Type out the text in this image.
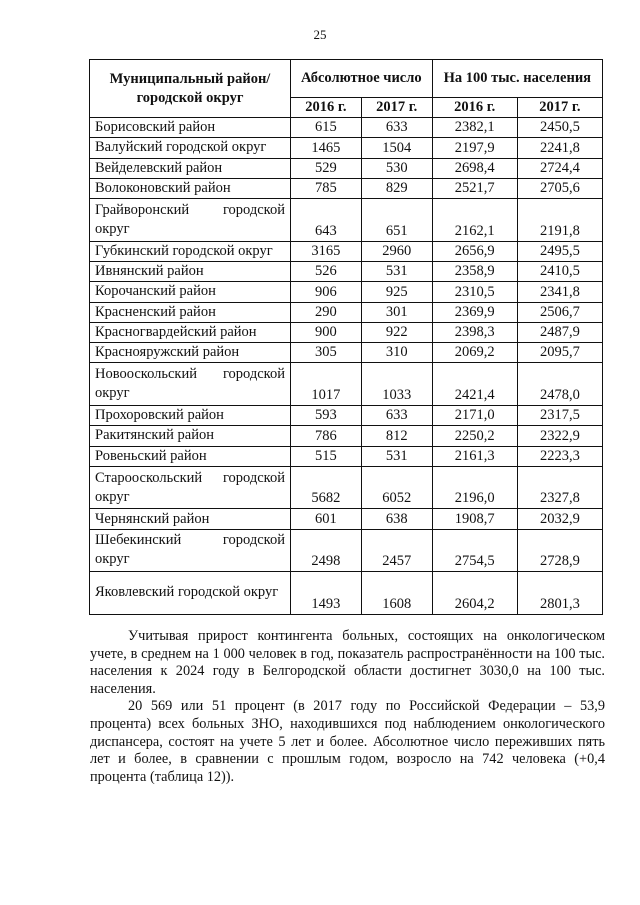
25
Муниципальный район/ городской округ	Абсолютное число		На 100 тыс. населения	
	2016 г.	2017 г.	2016 г.	2017 г.
Борисовский район	615	633	2382,1	2450,5
Валуйский городской округ	1465	1504	2197,9	2241,8
Вейделевский район	529	530	2698,4	2724,4
Волоконовский район	785	829	2521,7	2705,6
Грайворонский городской округ	643	651	2162,1	2191,8
Губкинский городской округ	3165	2960	2656,9	2495,5
Ивнянский район	526	531	2358,9	2410,5
Корочанский район	906	925	2310,5	2341,8
Красненский район	290	301	2369,9	2506,7
Красногвардейский район	900	922	2398,3	2487,9
Краснояружский район	305	310	2069,2	2095,7
Новооскольский городской округ	1017	1033	2421,4	2478,0
Прохоровский район	593	633	2171,0	2317,5
Ракитянский район	786	812	2250,2	2322,9
Ровеньский район	515	531	2161,3	2223,3
Старооскольский городской округ	5682	6052	2196,0	2327,8
Чернянский район	601	638	1908,7	2032,9
Шебекинский городской округ	2498	2457	2754,5	2728,9
Яковлевский городской округ	1493	1608	2604,2	2801,3

Учитывая прирост контингента больных, состоящих на онкологическом учете, в среднем на 1 000 человек в год, показатель распространённости на 100 тыс. населения к 2024 году в Белгородской области достигнет 3030,0 на 100 тыс. населения.

20 569 или 51 процент (в 2017 году по Российской Федерации – 53,9 процента) всех больных ЗНО, находившихся под наблюдением онкологического диспансера, состоят на учете 5 лет и более. Абсолютное число переживших пять лет и более, в сравнении с прошлым годом, возросло на 742 человека (+0,4 процента (таблица 12)).
